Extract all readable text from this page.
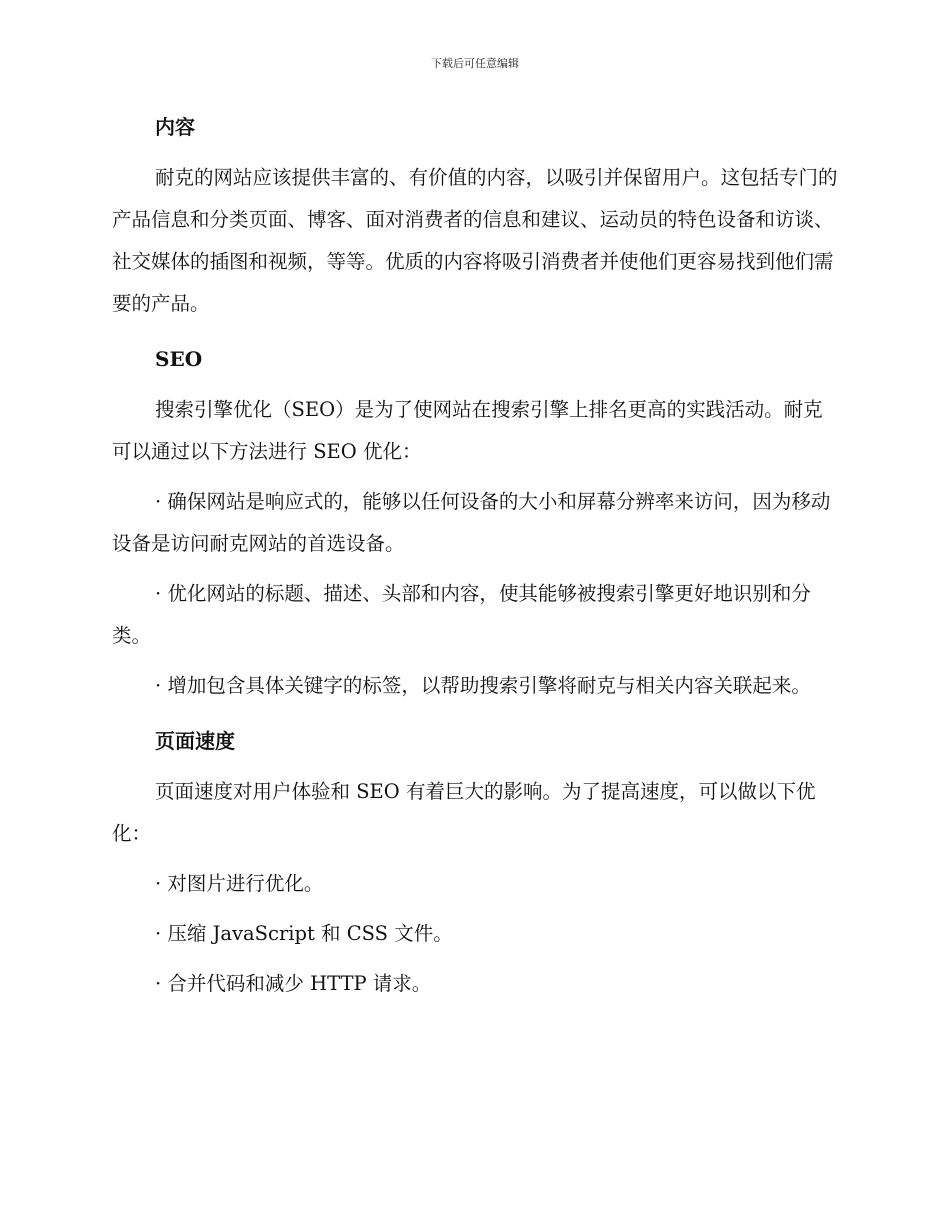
下载后可任意编辑
内容

耐克的网站应该提供丰富的、有价值的内容，以吸引并保留用户。这包括专门的产品信息和分类页面、博客、面对消费者的信息和建议、运动员的特色设备和访谈、社交媒体的插图和视频，等等。优质的内容将吸引消费者并使他们更容易找到他们需要的产品。

SEO

搜索引擎优化（SEO）是为了使网站在搜索引擎上排名更高的实践活动。耐克可以通过以下方法进行 SEO 优化：

· 确保网站是响应式的，能够以任何设备的大小和屏幕分辨率来访问，因为移动设备是访问耐克网站的首选设备。

· 优化网站的标题、描述、头部和内容，使其能够被搜索引擎更好地识别和分类。

· 增加包含具体关键字的标签，以帮助搜索引擎将耐克与相关内容关联起来。

页面速度

页面速度对用户体验和 SEO 有着巨大的影响。为了提高速度，可以做以下优化：

· 对图片进行优化。

· 压缩 JavaScript 和 CSS 文件。

· 合并代码和减少 HTTP 请求。
